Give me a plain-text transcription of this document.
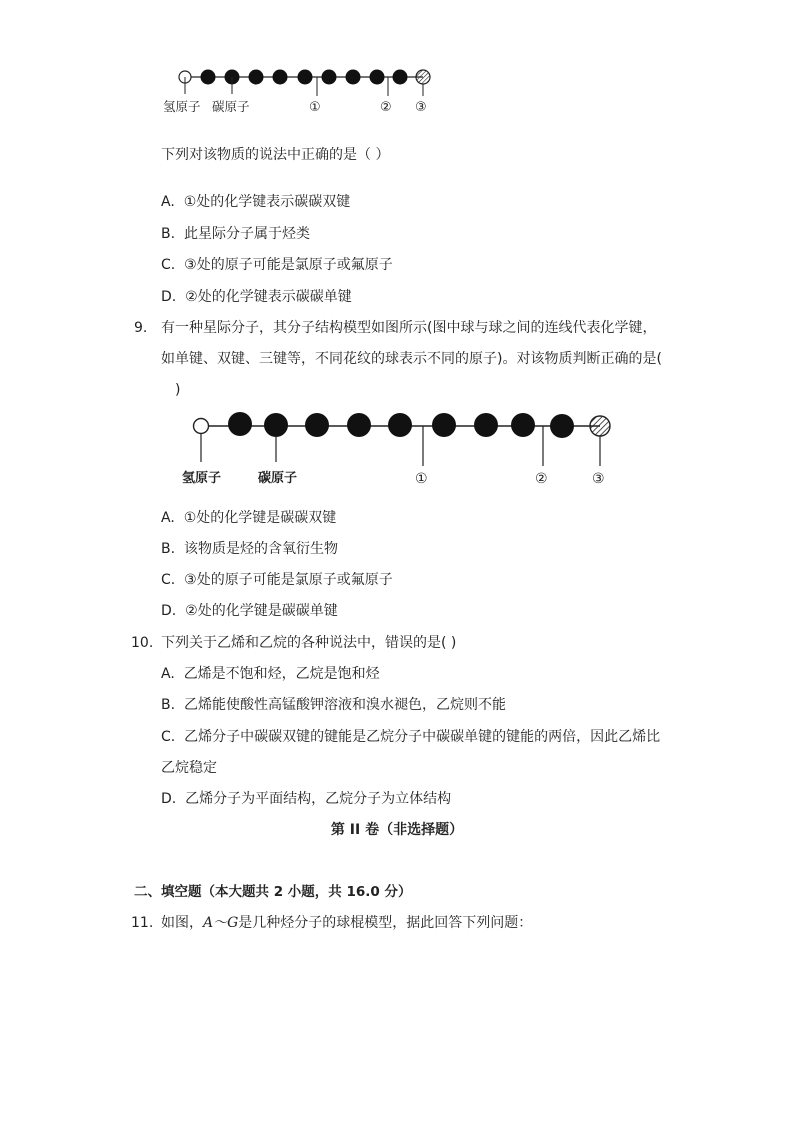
氢原子 碳原子	①	② ③
下列对该物质的说法中正确的是（ ）
A. ①处的化学键表示碳碳双键
B. 此星际分子属于烃类
C. ③处的原子可能是氯原子或氟原子
D. ②处的化学键表示碳碳单键
9. 有一种星际分子，其分子结构模型如图所示(图中球与球之间的连线代表化学键，
如单键、双键、三键等，不同花纹的球表示不同的原子)。对该物质判断正确的是(
)
氢原子	碳原子	①	②	③
A. ①处的化学键是碳碳双键
B. 该物质是烃的含氧衍生物
C. ③处的原子可能是氯原子或氟原子
D. ②处的化学键是碳碳单键
10. 下列关于乙烯和乙烷的各种说法中，错误的是( )
A. 乙烯是不饱和烃，乙烷是饱和烃
B. 乙烯能使酸性高锰酸钾溶液和溴水褪色，乙烷则不能
C. 乙烯分子中碳碳双键的键能是乙烷分子中碳碳单键的键能的两倍，因此乙烯比
乙烷稳定
D. 乙烯分子为平面结构，乙烷分子为立体结构
第 II 卷（非选择题）
二、填空题（本大题共 2 小题，共 16.0 分）
11. 如图，A～G是几种烃分子的球棍模型，据此回答下列问题：
